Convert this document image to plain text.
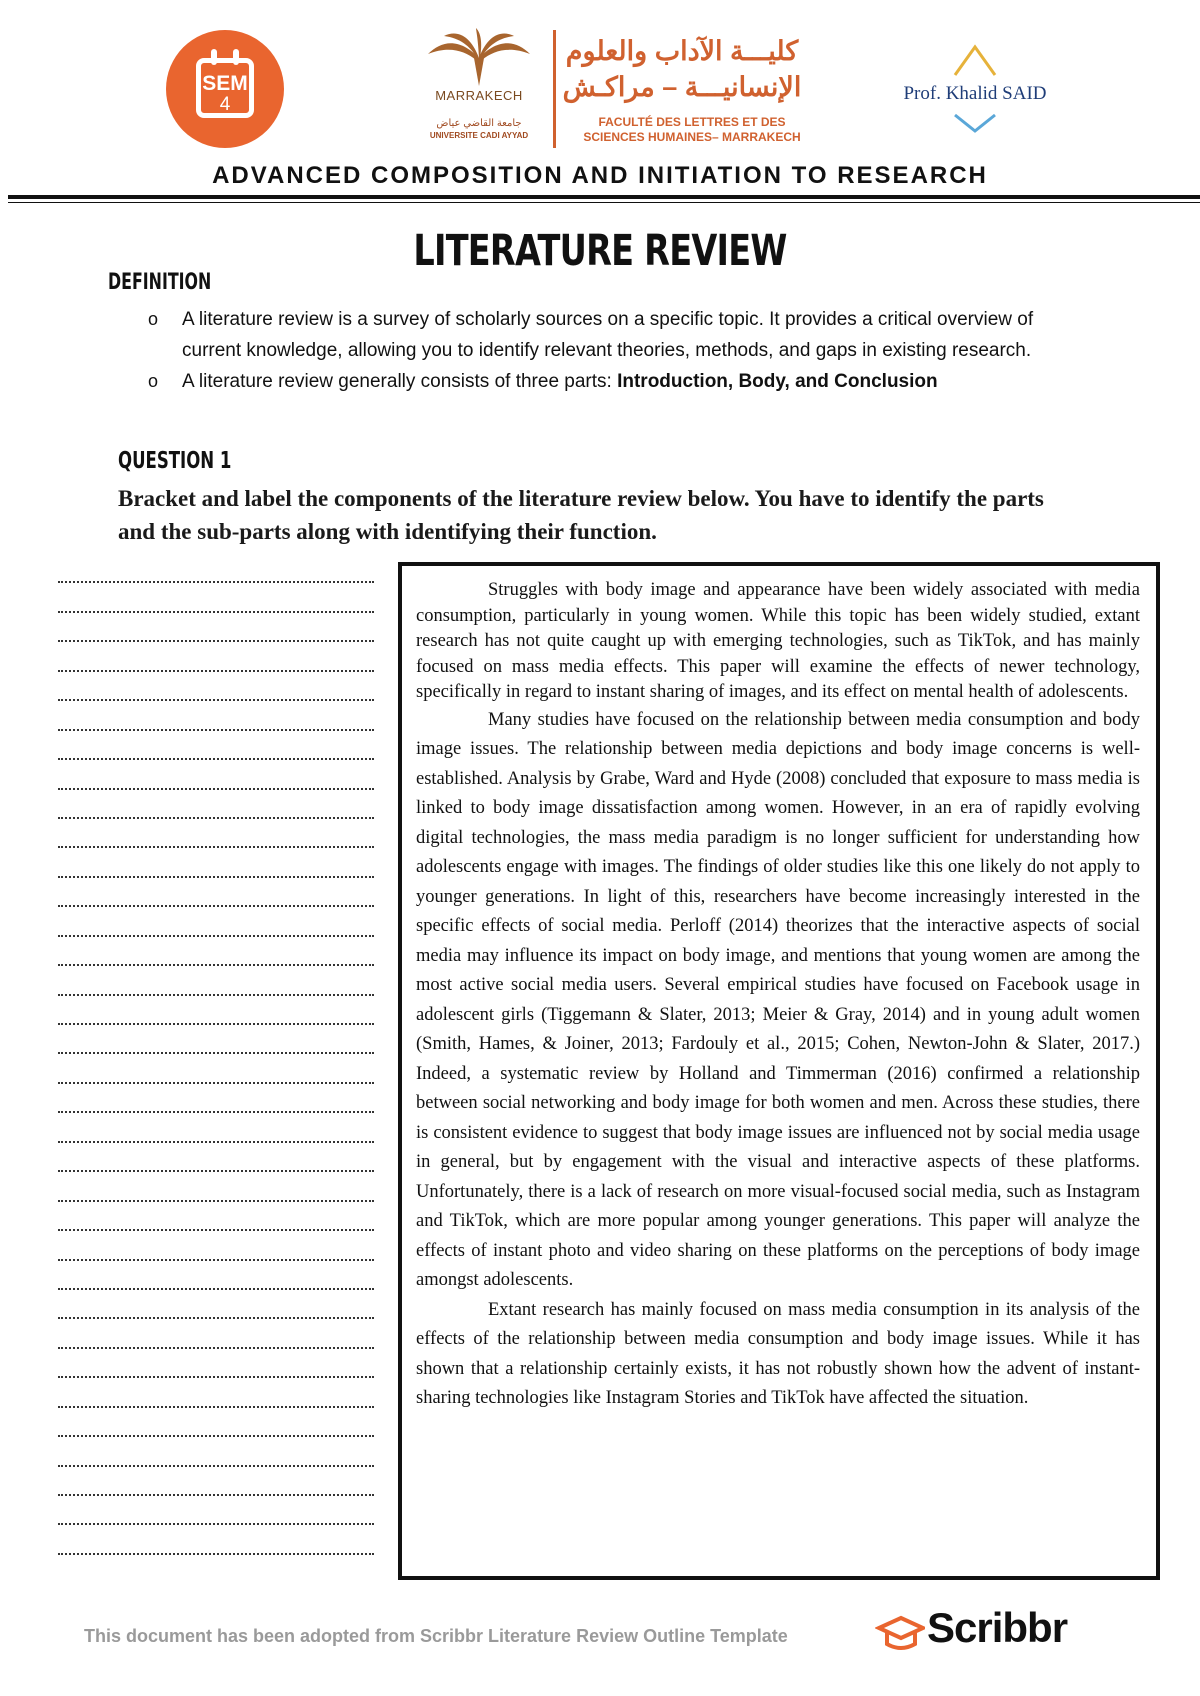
SEM
4	MARRAKECH
جامعة القاضي عياض
UNIVERSITE CADI AYYAD
كليـــة الآداب والعلوم
الإنسانيـــة – مراكـش
FACULTÉ DES LETTRES ET DES
SCIENCES HUMAINES– MARRAKECH
Prof. Khalid SAID
ADVANCED COMPOSITION AND INITIATION TO RESEARCH
LITERATURE REVIEW
DEFINITION
o A literature review is a survey of scholarly sources on a specific topic. It provides a critical overview of current knowledge, allowing you to identify relevant theories, methods, and gaps in existing research.
o A literature review generally consists of three parts: Introduction, Body, and Conclusion
QUESTION 1
Bracket and label the components of the literature review below. You have to identify the parts and the sub-parts along with identifying their function.

Struggles with body image and appearance have been widely associated with media consumption, particularly in young women. While this topic has been widely studied, extant research has not quite caught up with emerging technologies, such as TikTok, and has mainly focused on mass media effects. This paper will examine the effects of newer technology, specifically in regard to instant sharing of images, and its effect on mental health of adolescents.

Many studies have focused on the relationship between media consumption and body image issues. The relationship between media depictions and body image concerns is well-established. Analysis by Grabe, Ward and Hyde (2008) concluded that exposure to mass media is linked to body image dissatisfaction among women. However, in an era of rapidly evolving digital technologies, the mass media paradigm is no longer sufficient for understanding how adolescents engage with images. The findings of older studies like this one likely do not apply to younger generations. In light of this, researchers have become increasingly interested in the specific effects of social media. Perloff (2014) theorizes that the interactive aspects of social media may influence its impact on body image, and mentions that young women are among the most active social media users. Several empirical studies have focused on Facebook usage in adolescent girls (Tiggemann & Slater, 2013; Meier & Gray, 2014) and in young adult women (Smith, Hames, & Joiner, 2013; Fardouly et al., 2015; Cohen, Newton-John & Slater, 2017.) Indeed, a systematic review by Holland and Timmerman (2016) confirmed a relationship between social networking and body image for both women and men. Across these studies, there is consistent evidence to suggest that body image issues are influenced not by social media usage in general, but by engagement with the visual and interactive aspects of these platforms. Unfortunately, there is a lack of research on more visual-focused social media, such as Instagram and TikTok, which are more popular among younger generations. This paper will analyze the effects of instant photo and video sharing on these platforms on the perceptions of body image amongst adolescents.

Extant research has mainly focused on mass media consumption in its analysis of the effects of the relationship between media consumption and body image issues. While it has shown that a relationship certainly exists, it has not robustly shown how the advent of instant-sharing technologies like Instagram Stories and TikTok have affected the situation.

This document has been adopted from Scribbr Literature Review Outline Template	Scribbr
